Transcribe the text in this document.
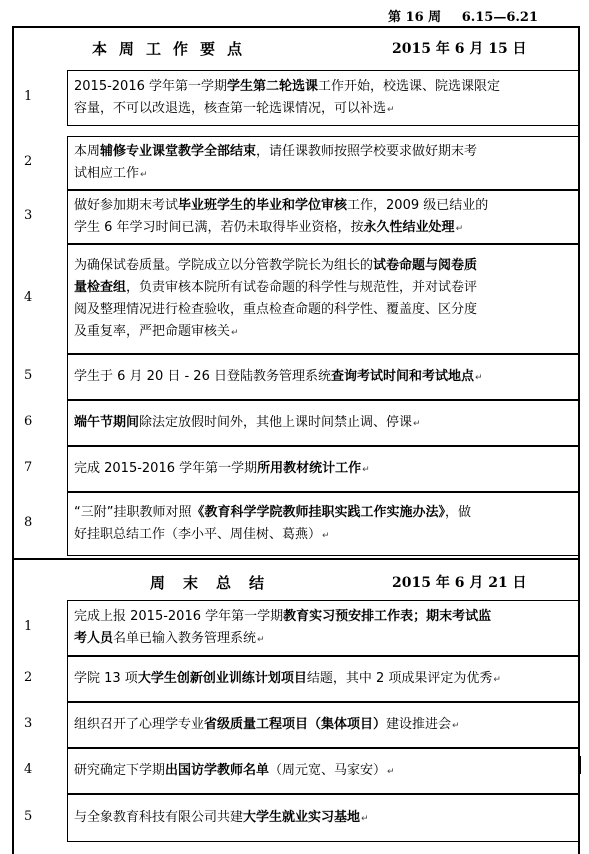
第 16 周 6.15—6.21
本周工作要点	2015 年 6 月 15 日
周末总结	2015 年 6 月 21 日
1
2015-2016 学年第一学期学生第二轮选课工作开始，校选课、院选课限定
容量，不可以改退选，核查第一轮选课情况，可以补选↵
2
本周辅修专业课堂教学全部结束，请任课教师按照学校要求做好期末考
试相应工作↵
3
做好参加期末考试毕业班学生的毕业和学位审核工作，2009 级已结业的
学生 6 年学习时间已满，若仍未取得毕业资格，按永久性结业处理↵
4
为确保试卷质量。学院成立以分管教学院长为组长的试卷命题与阅卷质
量检查组，负责审核本院所有试卷命题的科学性与规范性，并对试卷评
阅及整理情况进行检查验收，重点检查命题的科学性、覆盖度、区分度
及重复率，严把命题审核关↵
5	学生于 6 月 20 日 - 26 日登陆教务管理系统查询考试时间和考试地点↵
6	端午节期间除法定放假时间外，其他上课时间禁止调、停课↵
7	完成 2015-2016 学年第一学期所用教材统计工作↵
8
“三附”挂职教师对照《教育科学学院教师挂职实践工作实施办法》，做
好挂职总结工作（李小平、周佳树、葛燕）↵
1
完成上报 2015-2016 学年第一学期教育实习预安排工作表；期末考试监
考人员名单已输入教务管理系统↵
2	学院 13 项大学生创新创业训练计划项目结题，其中 2 项成果评定为优秀↵
3	组织召开了心理学专业省级质量工程项目（集体项目）建设推进会↵
4	研究确定下学期出国访学教师名单（周元宽、马家安）↵
5	与全象教育科技有限公司共建大学生就业实习基地↵
